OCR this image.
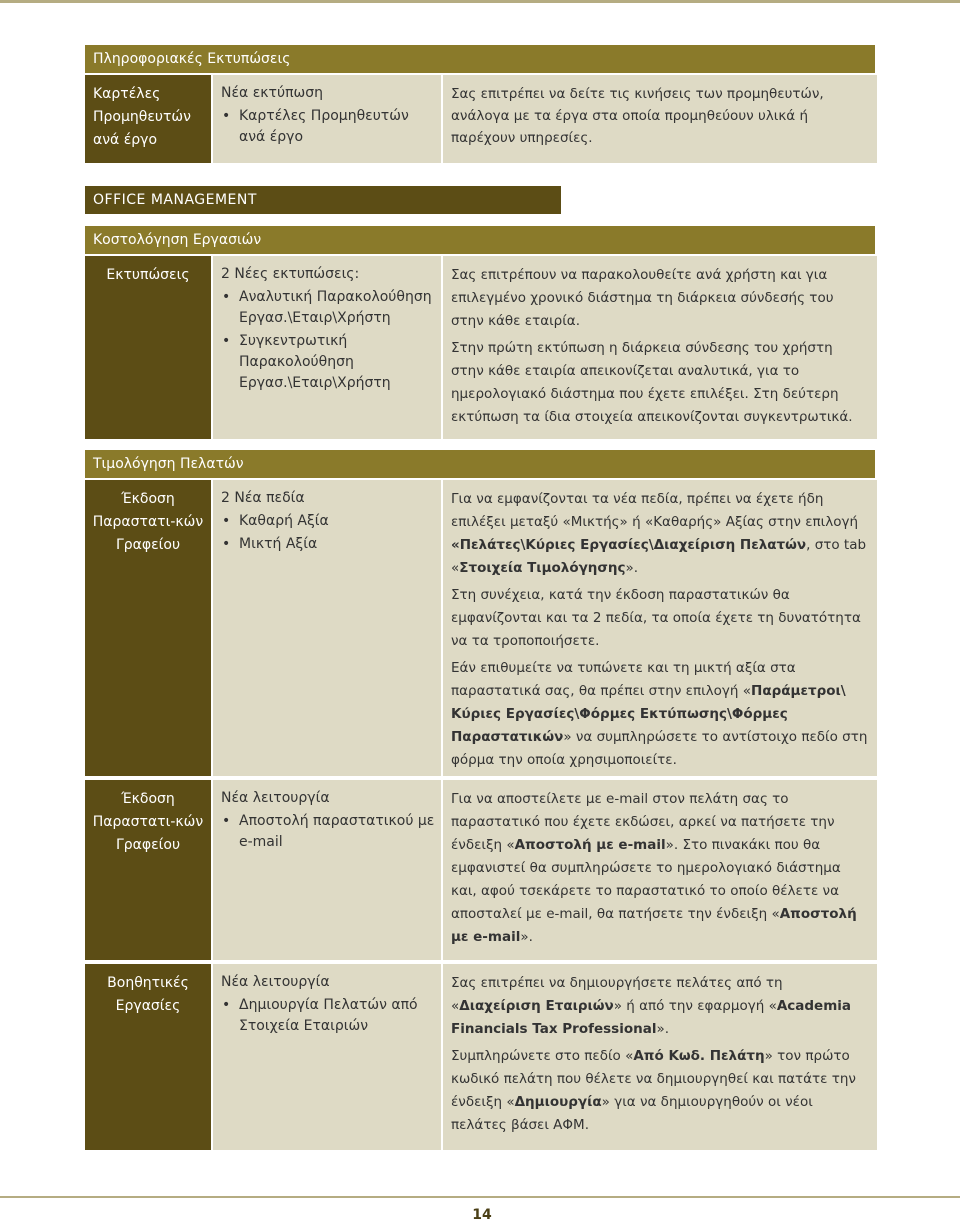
Πληροφοριακές Εκτυπώσεις
Καρτέλες Προμηθευτών ανά έργο
Νέα εκτύπωση
• Καρτέλες Προμηθευτών ανά έργο

Σας επιτρέπει να δείτε τις κινήσεις των προμηθευτών, ανάλογα με τα έργα στα οποία προμηθεύουν υλικά ή παρέχουν υπηρεσίες.

OFFICE MANAGEMENT
Κοστολόγηση Εργασιών
Εκτυπώσεις	2 Νέες εκτυπώσεις:
• Αναλυτική Παρακολούθηση Εργασ.\Εταιρ\Χρήστη
• Συγκεντρωτική Παρακολούθηση Εργασ.\Εταιρ\Χρήστη

Σας επιτρέπουν να παρακολουθείτε ανά χρήστη και για επιλεγμένο χρονικό διάστημα τη διάρκεια σύνδεσής του στην κάθε εταιρία.

Στην πρώτη εκτύπωση η διάρκεια σύνδεσης του χρήστη στην κάθε εταιρία απεικονίζεται αναλυτικά, για το ημερολογιακό διάστημα που έχετε επιλέξει. Στη δεύτερη εκτύπωση τα ίδια στοιχεία απεικονίζονται συγκεντρωτικά.

Τιμολόγηση Πελατών
Έκδοση Παραστατι-κών Γραφείου
2 Νέα πεδία
• Καθαρή Αξία
• Μικτή Αξία

Για να εμφανίζονται τα νέα πεδία, πρέπει να έχετε ήδη επιλέξει μεταξύ «Μικτής» ή «Καθαρής» Αξίας στην επιλογή «Πελάτες\Κύριες Εργασίες\Διαχείριση Πελατών, στο tab «Στοιχεία Τιμολόγησης».

Στη συνέχεια, κατά την έκδοση παραστατικών θα εμφανίζονται και τα 2 πεδία, τα οποία έχετε τη δυνατότητα να τα τροποποιήσετε.

Εάν επιθυμείτε να τυπώνετε και τη μικτή αξία στα παραστατικά σας, θα πρέπει στην επιλογή «Παράμετροι\ Κύριες Εργασίες\Φόρμες Εκτύπωσης\Φόρμες Παραστατικών» να συμπληρώσετε το αντίστοιχο πεδίο στη φόρμα την οποία χρησιμοποιείτε.

Έκδοση Παραστατι-κών Γραφείου
Νέα λειτουργία
• Αποστολή παραστατικού με e-mail

Για να αποστείλετε με e-mail στον πελάτη σας το παραστατικό που έχετε εκδώσει, αρκεί να πατήσετε την ένδειξη «Αποστολή με e-mail». Στο πινακάκι που θα εμφανιστεί θα συμπληρώσετε το ημερολογιακό διάστημα και, αφού τσεκάρετε το παραστατικό το οποίο θέλετε να αποσταλεί με e-mail, θα πατήσετε την ένδειξη «Αποστολή με e-mail».

Βοηθητικές Εργασίες
Νέα λειτουργία
• Δημιουργία Πελατών από Στοιχεία Εταιριών

Σας επιτρέπει να δημιουργήσετε πελάτες από τη «Διαχείριση Εταιριών» ή από την εφαρμογή «Academia Financials Tax Professional».

Συμπληρώνετε στο πεδίο «Από Κωδ. Πελάτη» τον πρώτο κωδικό πελάτη που θέλετε να δημιουργηθεί και πατάτε την ένδειξη «Δημιουργία» για να δημιουργηθούν οι νέοι πελάτες βάσει ΑΦΜ.

14
